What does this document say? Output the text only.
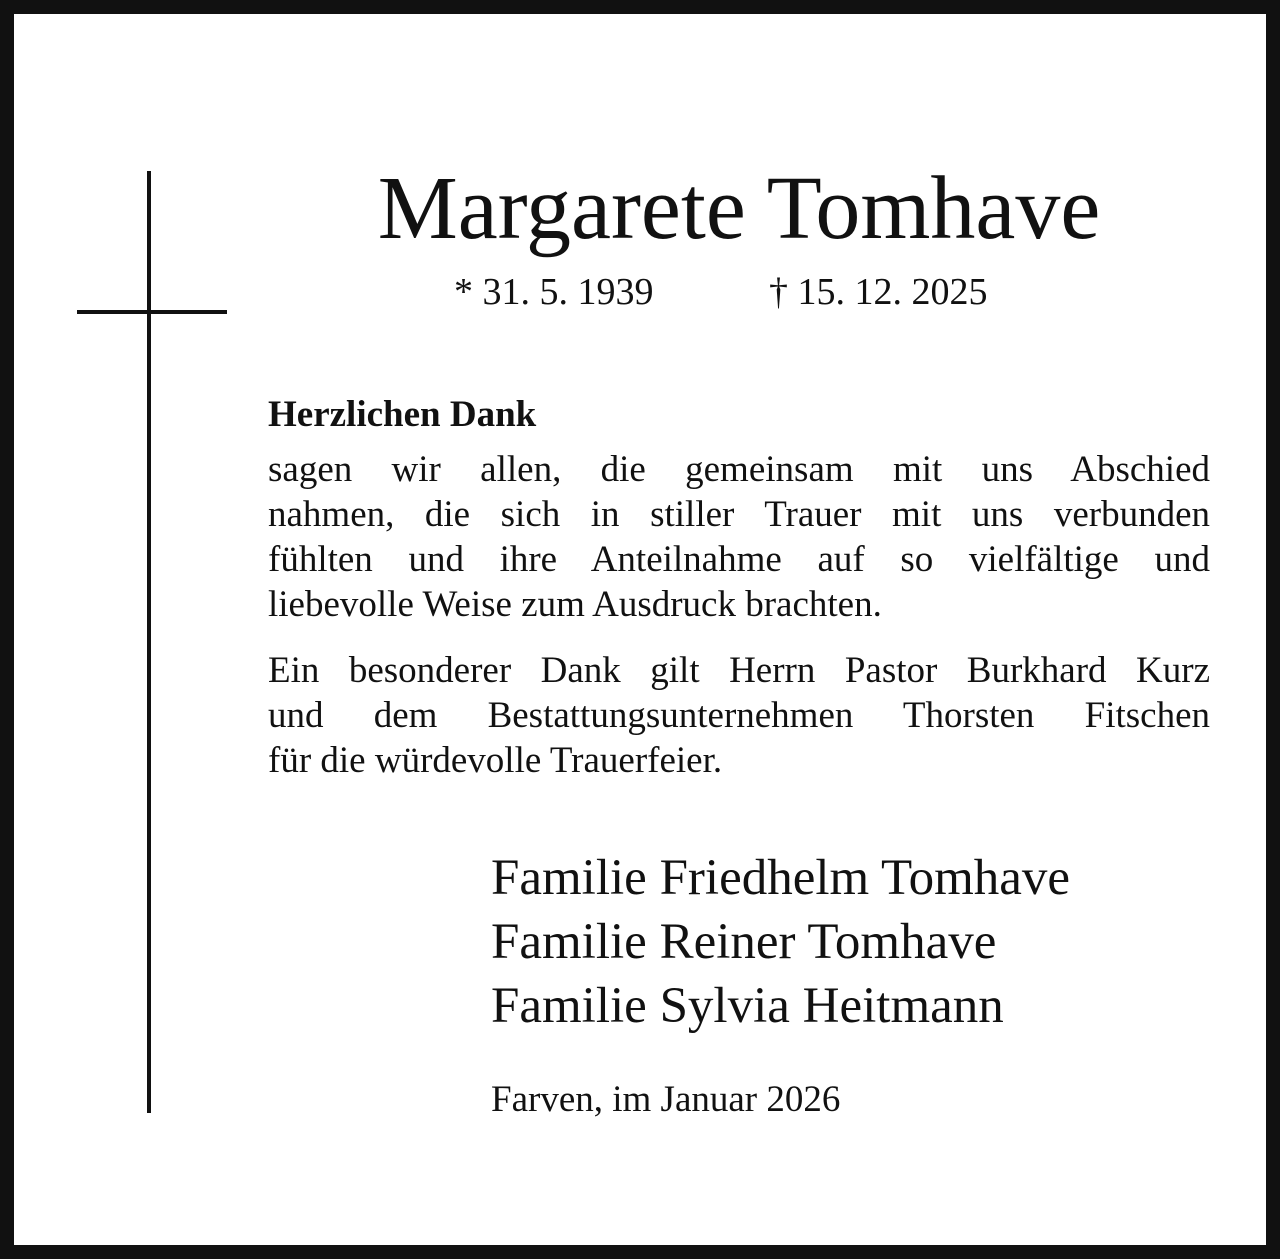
Margarete Tomhave
* 31. 5. 1939	† 15. 12. 2025
Herzlichen Dank
sagen wir allen, die gemeinsam mit uns Abschied
nahmen, die sich in stiller Trauer mit uns verbunden
fühlten und ihre Anteilnahme auf so vielfältige und
liebevolle Weise zum Ausdruck brachten.
Ein besonderer Dank gilt Herrn Pastor Burkhard Kurz
und dem Bestattungsunternehmen Thorsten Fitschen
für die würdevolle Trauerfeier.
Familie Friedhelm Tomhave
Familie Reiner Tomhave
Familie Sylvia Heitmann
Farven, im Januar 2026
